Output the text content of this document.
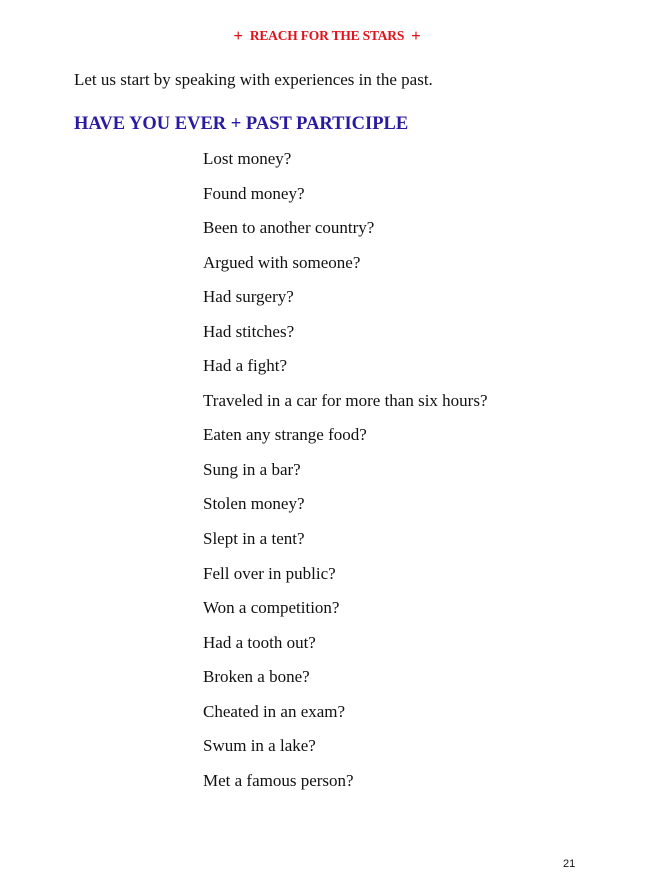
+ REACH FOR THE STARS +
Let us start by speaking with experiences in the past.
HAVE YOU EVER + PAST PARTICIPLE
Lost money?
Found money?
Been to another country?
Argued with someone?
Had surgery?
Had stitches?
Had a fight?
Traveled in a car for more than six hours?
Eaten any strange food?
Sung in a bar?
Stolen money?
Slept in a tent?
Fell over in public?
Won a competition?
Had a tooth out?
Broken a bone?
Cheated in an exam?
Swum in a lake?
Met a famous person?
21
